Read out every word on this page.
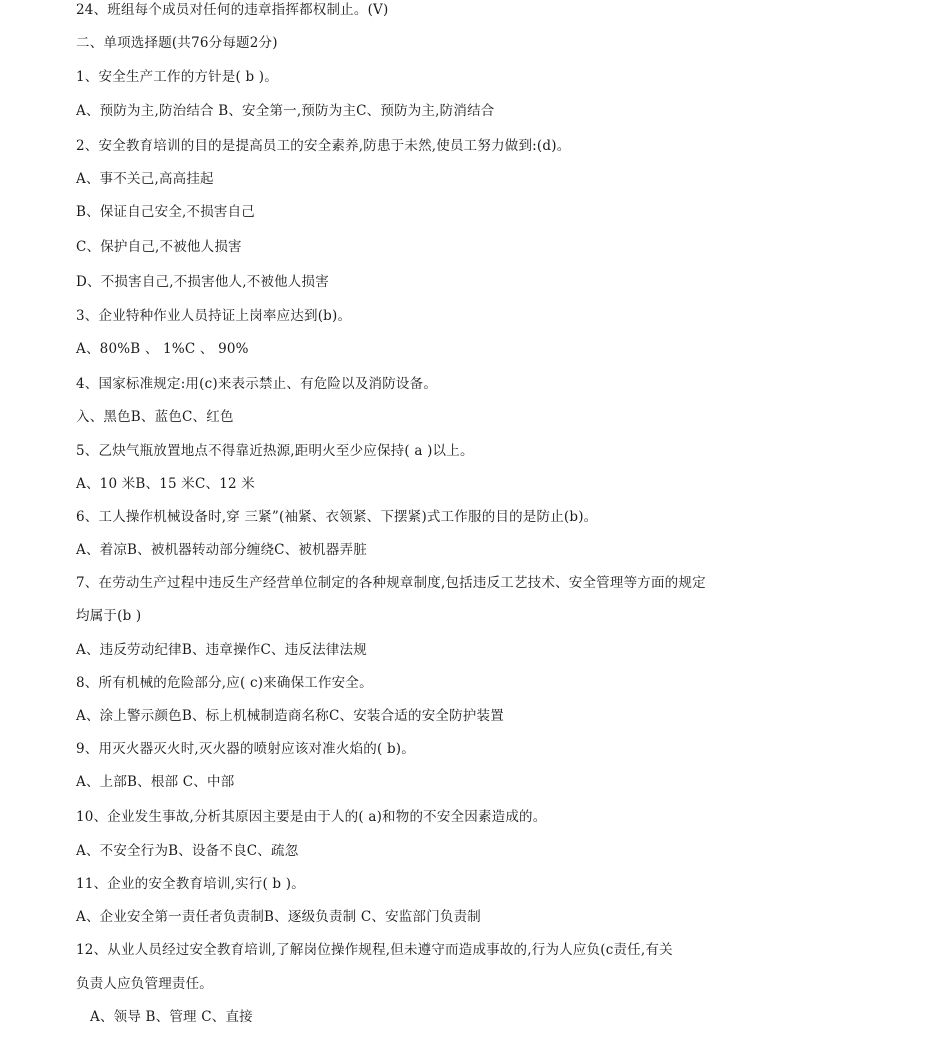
24、班组每个成员对任何的违章指挥都权制止。(V)
二、单项选择题(共76分每题2分)
1、安全生产工作的方针是( b )。
A、预防为主,防治结合 B、安全第一,预防为主C、预防为主,防消结合
2、安全教育培训的目的是提高员工的安全素养,防患于未然,使员工努力做到:(d)。
A、事不关己,高高挂起
B、保证自己安全,不损害自己
C、保护自己,不被他人损害
D、不损害自己,不损害他人,不被他人损害
3、企业特种作业人员持证上岗率应达到(b)。
A、80%B 、 1%C 、 90%
4、国家标准规定:用(c)来表示禁止、有危险以及消防设备。
入、黑色B、蓝色C、红色
5、乙炔气瓶放置地点不得靠近热源,距明火至少应保持( a )以上。
A、10 米B、15 米C、12 米
6、工人操作机械设备时,穿 三紧”(袖紧、衣领紧、下摆紧)式工作服的目的是防止(b)。
A、着凉B、被机器转动部分缠绕C、被机器弄脏
7、在劳动生产过程中违反生产经营单位制定的各种规章制度,包括违反工艺技术、安全管理等方面的规定
均属于(b )
A、违反劳动纪律B、违章操作C、违反法律法规
8、所有机械的危险部分,应( c)来确保工作安全。
A、涂上警示颜色B、标上机械制造商名称C、安装合适的安全防护装置
9、用灭火器灭火时,灭火器的喷射应该对准火焰的( b)。
A、上部B、根部 C、中部
10、企业发生事故,分析其原因主要是由于人的( a)和物的不安全因素造成的。
A、不安全行为B、设备不良C、疏忽
11、企业的安全教育培训,实行( b )。
A、企业安全第一责任者负责制B、逐级负责制 C、安监部门负责制
12、从业人员经过安全教育培训,了解岗位操作规程,但未遵守而造成事故的,行为人应负(c责任,有关
负责人应负管理责任。
A、领导 B、管理 C、直接
